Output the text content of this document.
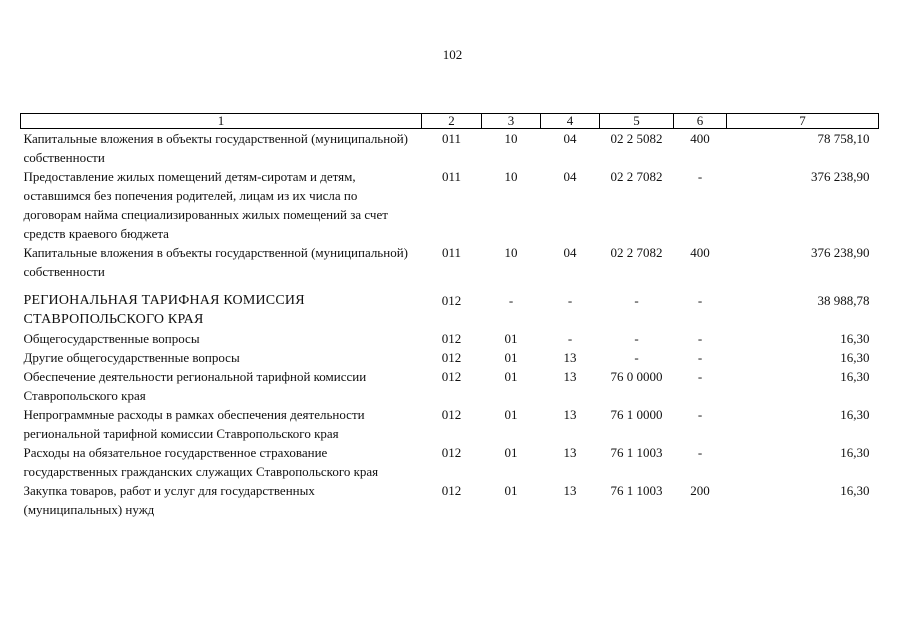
102
1	2	3	4	5	6	7
Капитальные вложения в объекты государственной (муниципальной) собственности	011	10	04	02 2 5082	400	78 758,10
Предоставление жилых помещений детям-сиротам и детям, оставшимся без попечения родителей, лицам из их числа по договорам найма специализированных жилых помещений за счет средств краевого бюджета	011	10	04	02 2 7082	-	376 238,90
Капитальные вложения в объекты государственной (муниципальной) собственности	011	10	04	02 2 7082	400	376 238,90

РЕГИОНАЛЬНАЯ ТАРИФНАЯ КОМИССИЯ СТАВРОПОЛЬСКОГО КРАЯ	012	-	-	-	-	38 988,78
Общегосударственные вопросы	012	01	-	-	-	16,30
Другие общегосударственные вопросы	012	01	13	-	-	16,30
Обеспечение деятельности региональной тарифной комиссии Ставропольского края	012	01	13	76 0 0000	-	16,30
Непрограммные расходы в рамках обеспечения деятельности региональной тарифной комиссии Ставропольского края	012	01	13	76 1 0000	-	16,30
Расходы на обязательное государственное страхование государственных гражданских служащих Ставропольского края	012	01	13	76 1 1003	-	16,30
Закупка товаров, работ и услуг для государственных (муниципальных) нужд	012	01	13	76 1 1003	200	16,30
